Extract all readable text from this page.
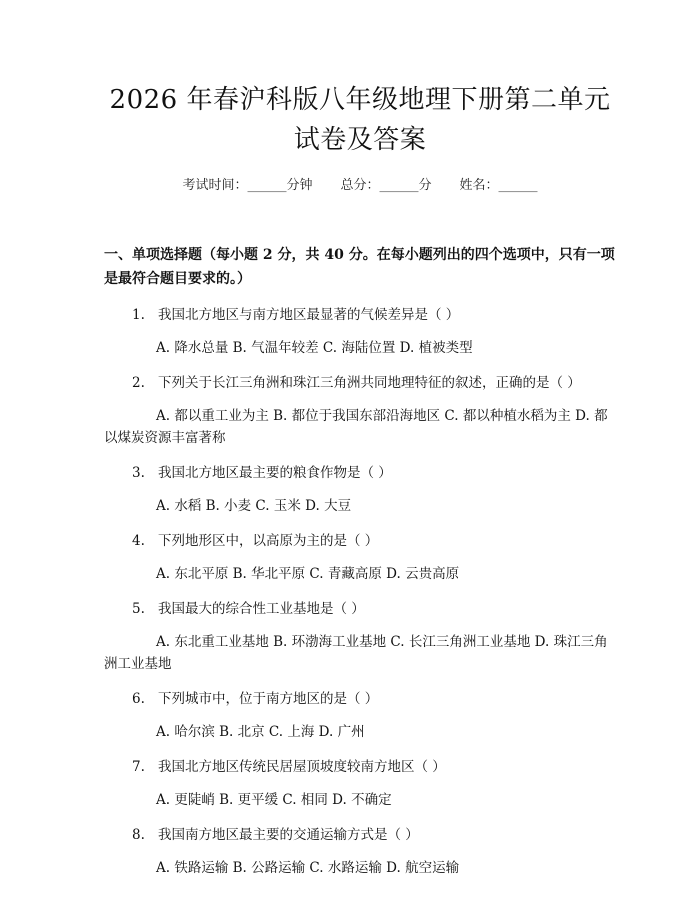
2026 年春沪科版八年级地理下册第二单元试卷及答案
考试时间：______分钟 总分：______分 姓名：______
一、单项选择题（每小题 2 分，共 40 分。在每小题列出的四个选项中，只有一项是最符合题目要求的。）
1. 我国北方地区与南方地区最显著的气候差异是（ ）
A. 降水总量 B. 气温年较差 C. 海陆位置 D. 植被类型
2. 下列关于长江三角洲和珠江三角洲共同地理特征的叙述，正确的是（ ）
A. 都以重工业为主 B. 都位于我国东部沿海地区 C. 都以种植水稻为主 D. 都以煤炭资源丰富著称
3. 我国北方地区最主要的粮食作物是（ ）
A. 水稻 B. 小麦 C. 玉米 D. 大豆
4. 下列地形区中，以高原为主的是（ ）
A. 东北平原 B. 华北平原 C. 青藏高原 D. 云贵高原
5. 我国最大的综合性工业基地是（ ）
A. 东北重工业基地 B. 环渤海工业基地 C. 长江三角洲工业基地 D. 珠江三角洲工业基地
6. 下列城市中，位于南方地区的是（ ）
A. 哈尔滨 B. 北京 C. 上海 D. 广州
7. 我国北方地区传统民居屋顶坡度较南方地区（ ）
A. 更陡峭 B. 更平缓 C. 相同 D. 不确定
8. 我国南方地区最主要的交通运输方式是（ ）
A. 铁路运输 B. 公路运输 C. 水路运输 D. 航空运输
